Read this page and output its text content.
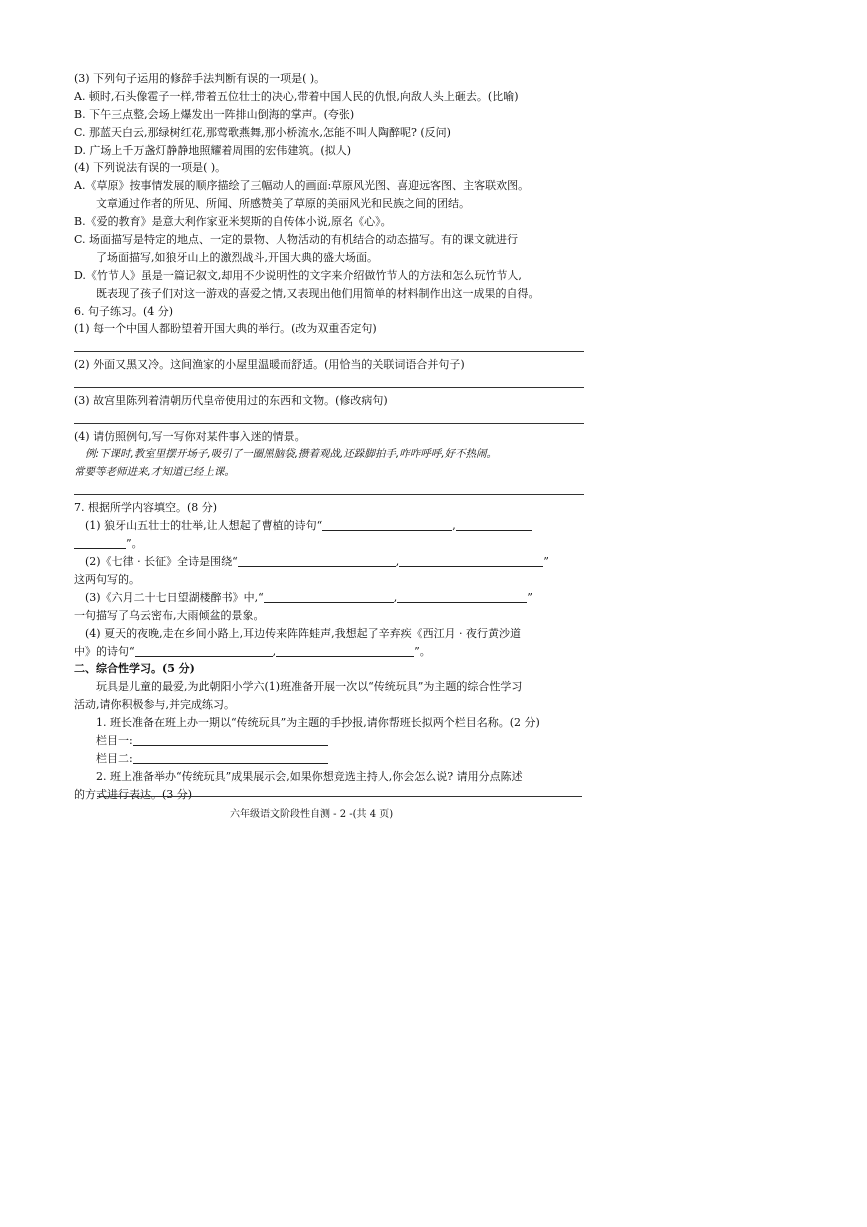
(3) 下列句子运用的修辞手法判断有误的一项是( )。
A. 顿时,石头像雹子一样,带着五位壮士的决心,带着中国人民的仇恨,向敌人头上砸去。(比喻)
B. 下午三点整,会场上爆发出一阵排山倒海的掌声。(夸张)
C. 那蓝天白云,那绿树红花,那莺歌燕舞,那小桥流水,怎能不叫人陶醉呢? (反问)
D. 广场上千万盏灯静静地照耀着周围的宏伟建筑。(拟人)
(4) 下列说法有误的一项是( )。
A.《草原》按事情发展的顺序描绘了三幅动人的画面:草原风光图、喜迎远客图、主客联欢图。
文章通过作者的所见、所闻、所感赞美了草原的美丽风光和民族之间的团结。
B.《爱的教育》是意大利作家亚米契斯的自传体小说,原名《心》。
C. 场面描写是特定的地点、一定的景物、人物活动的有机结合的动态描写。有的课文就进行
了场面描写,如狼牙山上的激烈战斗,开国大典的盛大场面。
D.《竹节人》虽是一篇记叙文,却用不少说明性的文字来介绍做竹节人的方法和怎么玩竹节人,
既表现了孩子们对这一游戏的喜爱之情,又表现出他们用简单的材料制作出这一成果的自得。
6. 句子练习。(4 分)
(1) 每一个中国人都盼望着开国大典的举行。(改为双重否定句)
(2) 外面又黑又冷。这间渔家的小屋里温暖而舒适。(用恰当的关联词语合并句子)
(3) 故宫里陈列着清朝历代皇帝使用过的东西和文物。(修改病句)
(4) 请仿照例句,写一写你对某件事入迷的情景。
例:下课时,教室里摆开场子,吸引了一圈黑脑袋,攒着观战,还跺脚拍手,咋咋呼呼,好不热闹。
常要等老师进来,才知道已经上课。
7. 根据所学内容填空。(8 分)
(1) 狼牙山五壮士的壮举,让人想起了曹植的诗句“	,
”。
(2)《七律 · 长征》全诗是围绕“	,	”
这两句写的。
(3)《六月二十七日望湖楼醉书》中,“	,	”
一句描写了乌云密布,大雨倾盆的景象。
(4) 夏天的夜晚,走在乡间小路上,耳边传来阵阵蛙声,我想起了辛弃疾《西江月 · 夜行黄沙道
中》的诗句“	,	”。
二、综合性学习。(5 分)
玩具是儿童的最爱,为此朝阳小学六(1)班准备开展一次以“传统玩具”为主题的综合性学习
活动,请你积极参与,并完成练习。
1. 班长准备在班上办一期以“传统玩具”为主题的手抄报,请你帮班长拟两个栏目名称。(2 分)
栏目一:
栏目二:
2. 班上准备举办“传统玩具”成果展示会,如果你想竞选主持人,你会怎么说? 请用分点陈述
的方式进行表达。(3 分)
六年级语文阶段性自测 - 2 -(共 4 页)
